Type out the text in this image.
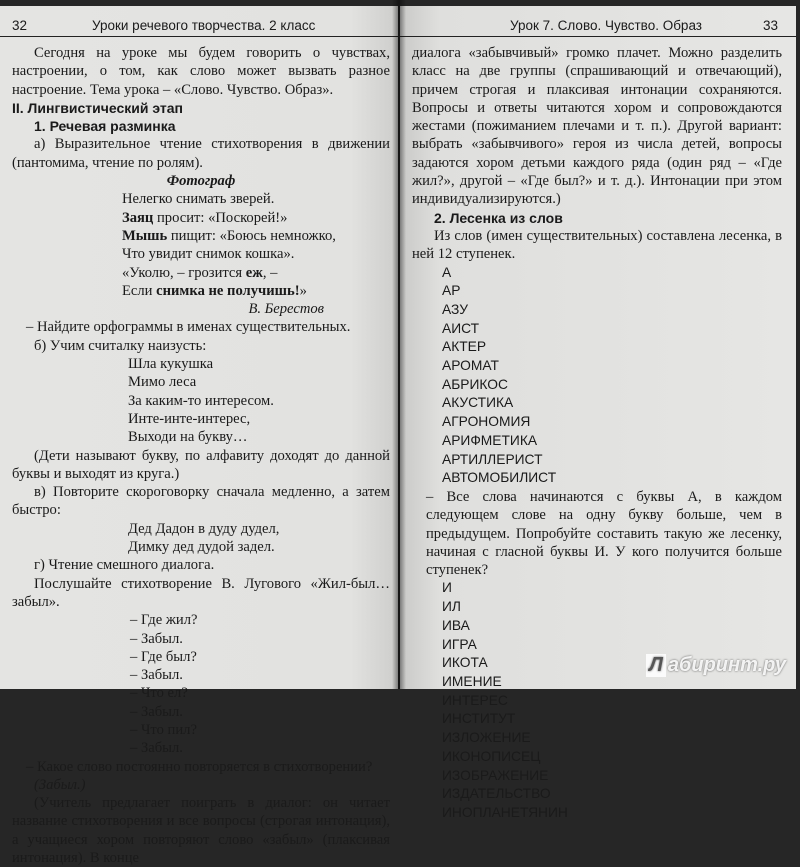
32	Уроки речевого творчества. 2 класс
Сегодня на уроке мы будем говорить о чувствах, настроении, о том, как слово может вызвать разное настроение. Тема урока – «Слово. Чувство. Образ».
II. Лингвистический этап
1. Речевая разминка
а) Выразительное чтение стихотворения в движении (пантомима, чтение по ролям).
Фотограф
Нелегко снимать зверей.
Заяц просит: «Поскорей!»
Мышь пищит: «Боюсь немножко,
Что увидит снимок кошка».
«Уколю, – грозится еж, –
Если снимка не получишь!»
В. Берестов
– Найдите орфограммы в именах существительных.
б) Учим считалку наизусть:
Шла кукушка
Мимо леса
За каким-то интересом.
Инте-инте-интерес,
Выходи на букву…
(Дети называют букву, по алфавиту доходят до данной буквы и выходят из круга.)
в) Повторите скороговорку сначала медленно, а затем быстро:
Дед Дадон в дуду дудел,
Димку дед дудой задел.
г) Чтение смешного диалога.
Послушайте стихотворение В. Лугового «Жил-был… забыл».
– Где жил?
– Забыл.
– Где был?
– Забыл.
– Что ел?
– Забыл.
– Что пил?
– Забыл.
– Какое слово постоянно повторяется в стихотворении?
(Забыл.)
(Учитель предлагает поиграть в диалог: он читает название стихотворения и все вопросы (строгая интонация), а учащиеся хором повторяют слово «забыл» (плаксивая интонация). В конце
Урок 7. Слово. Чувство. Образ	33
диалога «забывчивый» громко плачет. Можно разделить класс на две группы (спрашивающий и отвечающий), причем строгая и плаксивая интонации сохраняются. Вопросы и ответы читаются хором и сопровождаются жестами (пожиманием плечами и т. п.). Другой вариант: выбрать «забывчивого» героя из числа детей, вопросы задаются хором детьми каждого ряда (один ряд – «Где жил?», другой – «Где был?» и т. д.). Интонации при этом индивидуализируются.)
2. Лесенка из слов
Из слов (имен существительных) составлена лесенка, в ней 12 ступенек.
А
АР
АЗУ
АИСТ
АКТЕР
АРОМАТ
АБРИКОС
АКУСТИКА
АГРОНОМИЯ
АРИФМЕТИКА
АРТИЛЛЕРИСТ
АВТОМОБИЛИСТ
– Все слова начинаются с буквы А, в каждом следующем слове на одну букву больше, чем в предыдущем. Попробуйте составить такую же лесенку, начиная с гласной буквы И. У кого получится больше ступенек?
И
ИЛ
ИВА
ИГРА
ИКОТА
ИМЕНИЕ
ИНТЕРЕС
ИНСТИТУТ
ИЗЛОЖЕНИЕ
ИКОНОПИСЕЦ
ИЗОБРАЖЕНИЕ
ИЗДАТЕЛЬСТВО
ИНОПЛАНЕТЯНИН
Л абиринт.ру
